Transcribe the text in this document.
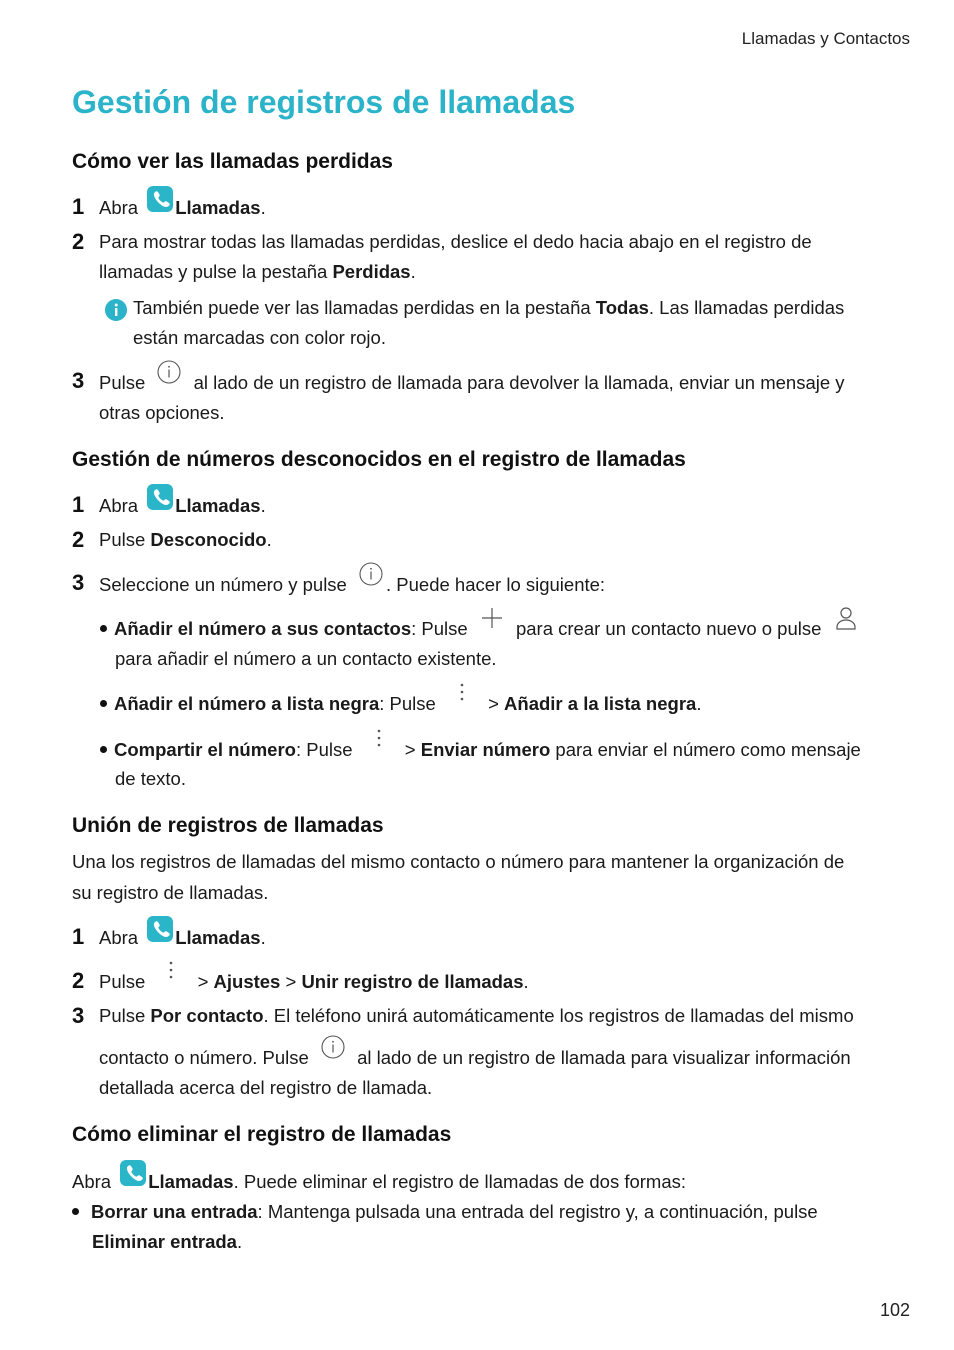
Llamadas y Contactos
Gestión de registros de llamadas
Cómo ver las llamadas perdidas
1 Abra Llamadas.
2 Para mostrar todas las llamadas perdidas, deslice el dedo hacia abajo en el registro de
llamadas y pulse la pestaña Perdidas.
También puede ver las llamadas perdidas en la pestaña Todas. Las llamadas perdidas
están marcadas con color rojo.
3 Pulse	al lado de un registro de llamada para devolver la llamada, enviar un mensaje y
otras opciones.
Gestión de números desconocidos en el registro de llamadas
1 Abra Llamadas.
2 Pulse Desconocido.
3 Seleccione un número y pulse . Puede hacer lo siguiente:
Añadir el número a sus contactos: Pulse	para crear un contacto nuevo o pulse
para añadir el número a un contacto existente.
Añadir el número a lista negra: Pulse	> Añadir a la lista negra.
Compartir el número: Pulse	> Enviar número para enviar el número como mensaje
de texto.
Unión de registros de llamadas
Una los registros de llamadas del mismo contacto o número para mantener la organización de
su registro de llamadas.
1 Abra Llamadas.
2 Pulse	> Ajustes > Unir registro de llamadas.
3 Pulse Por contacto. El teléfono unirá automáticamente los registros de llamadas del mismo
contacto o número. Pulse	al lado de un registro de llamada para visualizar información
detallada acerca del registro de llamada.
Cómo eliminar el registro de llamadas
Abra Llamadas. Puede eliminar el registro de llamadas de dos formas:
Borrar una entrada: Mantenga pulsada una entrada del registro y, a continuación, pulse
Eliminar entrada.
102
